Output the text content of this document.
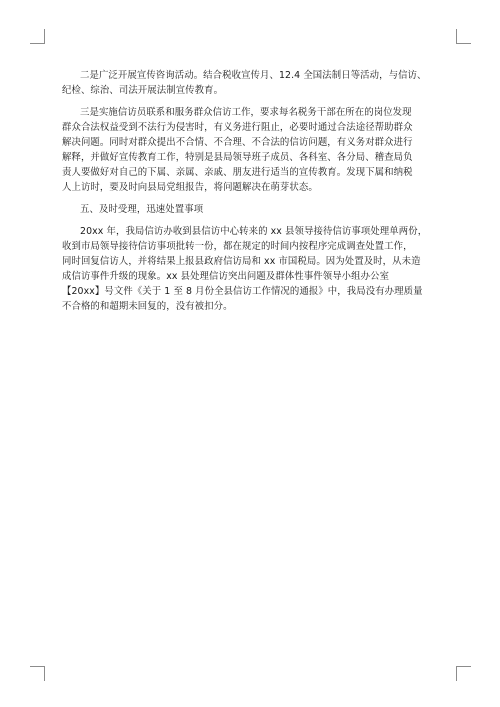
二是广泛开展宣传咨询活动。结合税收宣传月、12.4 全国法制日等活动，与信访、
纪检、综治、司法开展法制宣传教育。

三是实施信访员联系和服务群众信访工作，要求每名税务干部在所在的岗位发现
群众合法权益受到不法行为侵害时，有义务进行阻止，必要时通过合法途径帮助群众
解决问题。同时对群众提出不合情、不合理、不合法的信访问题，有义务对群众进行
解释，并做好宣传教育工作，特别是县局领导班子成员、各科室、各分局、稽查局负
责人要做好对自己的下属、亲属、亲戚、朋友进行适当的宣传教育。发现下属和纳税
人上访时，要及时向县局党组报告，将问题解决在萌芽状态。

五、及时受理，迅速处置事项

20xx 年，我局信访办收到县信访中心转来的 xx 县领导接待信访事项处理单两份，
收到市局领导接待信访事项批转一份，都在规定的时间内按程序完成调查处置工作，
同时回复信访人，并将结果上报县政府信访局和 xx 市国税局。因为处置及时，从未造
成信访事件升级的现象。xx 县处理信访突出问题及群体性事件领导小组办公室
【20xx】号文件《关于 1 至 8 月份全县信访工作情况的通报》中，我局没有办理质量
不合格的和超期未回复的，没有被扣分。
